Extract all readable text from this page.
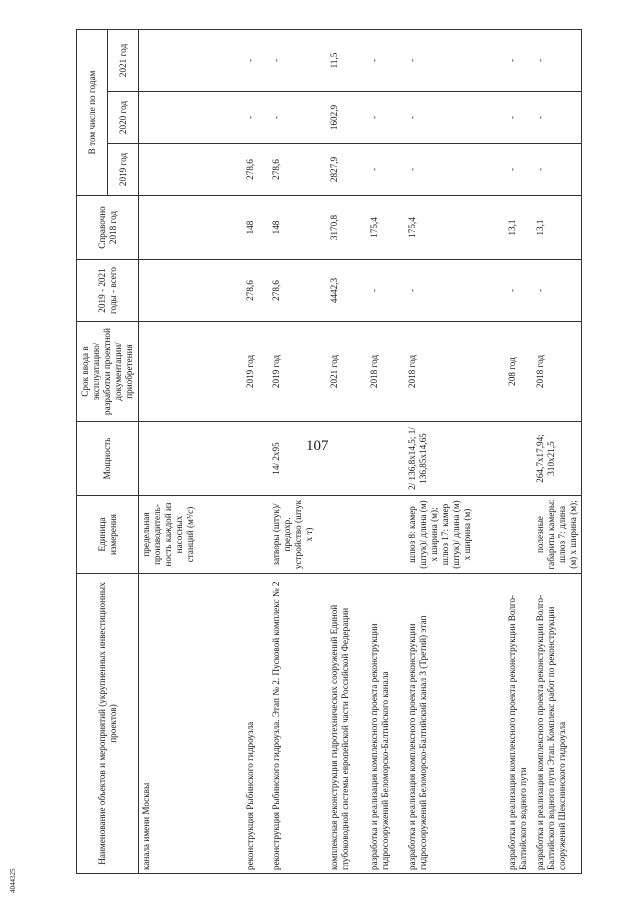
107
4044325
Наименование объектов и мероприятий (укрупненных инвестиционных проектов)	Единица измерения	Мощность	Срок ввода в эксплуатацию/ разработки проектной документации/ приобретения	2019 - 2021 годы - всего	Справочно 2018 год	В том числе по годам		
						2019 год	2020 год	2021 год
канала имени Москвы	предельная производитель-ность каждой из насосных станций (м³/с)							
реконструкция Рыбинского гидроузла			2019 год	278,6	148	278,6	-	-
реконструкция Рыбинского гидроузла. Этап № 2. Пусковой комплекс № 2	затворы (штук)/ предохр. устройство (штук х т)	14/ 2х95	2019 год	278,6	148	278,6	-	-
комплексная реконструкция гидротехнических сооружений Единой глубоководной системы европейской части Российской Федерации			2021 год	4442,3	3170,8	2827,9	1602,9	11,5
разработка и реализация комплексного проекта реконструкции гидросооружений Беломорско-Балтийского канала			2018 год	-	175,4	-	-	-
разработка и реализация комплексного проекта реконструкции гидросооружений Беломорско-Балтийский канал 3 (Третий) этап	шлюз 8: камер (штук)/ длина (м) х ширина (м); шлюз 17: камер (штук)/ длина (м) х ширина (м)	2/ 136,8х14,5; 1/ 136,85х14,65	2018 год	-	175,4	-	-	-
разработка и реализация комплексного проекта реконструкции Волго-Балтийского водного пути			208 год	-	13,1	-	-	-
разработка и реализация комплексного проекта реконструкции Волго-Балтийского водного пути Этап. Комплекс работ по реконструкции сооружений Шекснинского гидроузла	полезные габариты камеры: шлюз 7: длина (м) х ширина (м);	264,7х17,94; 310х21,5	2018 год	-	13,1	-	-	-
